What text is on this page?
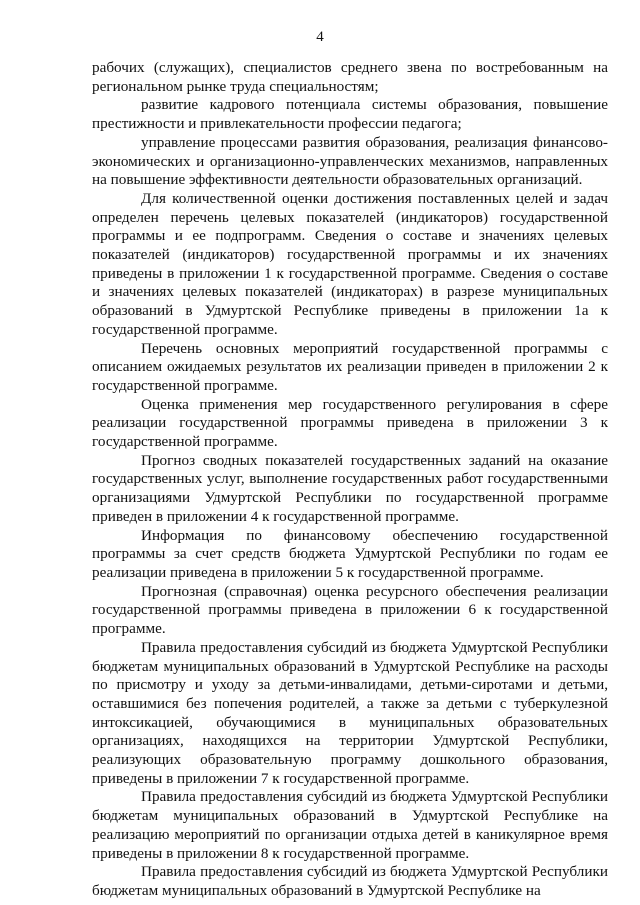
4

рабочих (служащих), специалистов среднего звена по востребованным на региональном рынке труда специальностям;

развитие кадрового потенциала системы образования, повышение престижности и привлекательности профессии педагога;

управление процессами развития образования, реализация финансово-экономических и организационно-управленческих механизмов, направленных на повышение эффективности деятельности образовательных организаций.

Для количественной оценки достижения поставленных целей и задач определен перечень целевых показателей (индикаторов) государственной программы и ее подпрограмм. Сведения о составе и значениях целевых показателей (индикаторов) государственной программы и их значениях приведены в приложении 1 к государственной программе. Сведения о составе и значениях целевых показателей (индикаторах) в разрезе муниципальных образований в Удмуртской Республике приведены в приложении 1а к государственной программе.

Перечень основных мероприятий государственной программы с описанием ожидаемых результатов их реализации приведен в приложении 2 к государственной программе.

Оценка применения мер государственного регулирования в сфере реализации государственной программы приведена в приложении 3 к государственной программе.

Прогноз сводных показателей государственных заданий на оказание государственных услуг, выполнение государственных работ государственными организациями Удмуртской Республики по государственной программе приведен в приложении 4 к государственной программе.

Информация по финансовому обеспечению государственной программы за счет средств бюджета Удмуртской Республики по годам ее реализации приведена в приложении 5 к государственной программе.

Прогнозная (справочная) оценка ресурсного обеспечения реализации государственной программы приведена в приложении 6 к государственной программе.

Правила предоставления субсидий из бюджета Удмуртской Республики бюджетам муниципальных образований в Удмуртской Республике на расходы по присмотру и уходу за детьми-инвалидами, детьми-сиротами и детьми, оставшимися без попечения родителей, а также за детьми с туберкулезной интоксикацией, обучающимися в муниципальных образовательных организациях, находящихся на территории Удмуртской Республики, реализующих образовательную программу дошкольного образования, приведены в приложении 7 к государственной программе.

Правила предоставления субсидий из бюджета Удмуртской Республики бюджетам муниципальных образований в Удмуртской Республике на реализацию мероприятий по организации отдыха детей в каникулярное время приведены в приложении 8 к государственной программе.

Правила предоставления субсидий из бюджета Удмуртской Республики бюджетам муниципальных образований в Удмуртской Республике на
